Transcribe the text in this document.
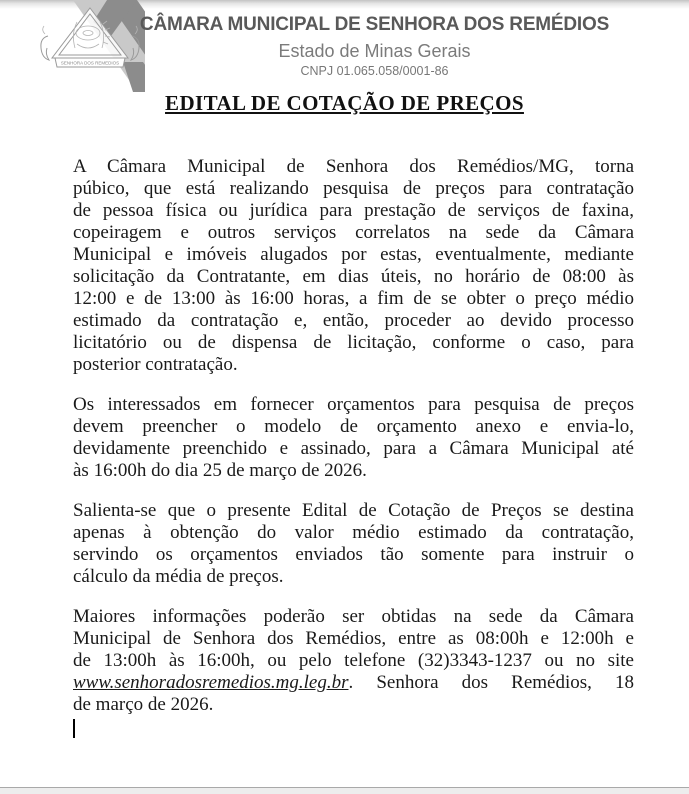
SENHORA DOS REMEDIOS
CÂMARA MUNICIPAL DE SENHORA DOS REMÉDIOS
Estado de Minas Gerais
CNPJ 01.065.058/0001-86
EDITAL DE COTAÇÃO DE PREÇOS
A Câmara Municipal de Senhora dos Remédios/MG, torna
púbico, que está realizando pesquisa de preços para contratação
de pessoa física ou jurídica para prestação de serviços de faxina,
copeiragem e outros serviços correlatos na sede da Câmara
Municipal e imóveis alugados por estas, eventualmente, mediante
solicitação da Contratante, em dias úteis, no horário de 08:00 às
12:00 e de 13:00 às 16:00 horas, a fim de se obter o preço médio
estimado da contratação e, então, proceder ao devido processo
licitatório ou de dispensa de licitação, conforme o caso, para
posterior contratação.
Os interessados em fornecer orçamentos para pesquisa de preços
devem preencher o modelo de orçamento anexo e envia-lo,
devidamente preenchido e assinado, para a Câmara Municipal até
às 16:00h do dia 25 de março de 2026.
Salienta-se que o presente Edital de Cotação de Preços se destina
apenas à obtenção do valor médio estimado da contratação,
servindo os orçamentos enviados tão somente para instruir o
cálculo da média de preços.
Maiores informações poderão ser obtidas na sede da Câmara
Municipal de Senhora dos Remédios, entre as 08:00h e 12:00h e
de 13:00h às 16:00h, ou pelo telefone (32)3343-1237 ou no site
www.senhoradosremedios.mg.leg.br. Senhora dos Remédios, 18
de março de 2026.
